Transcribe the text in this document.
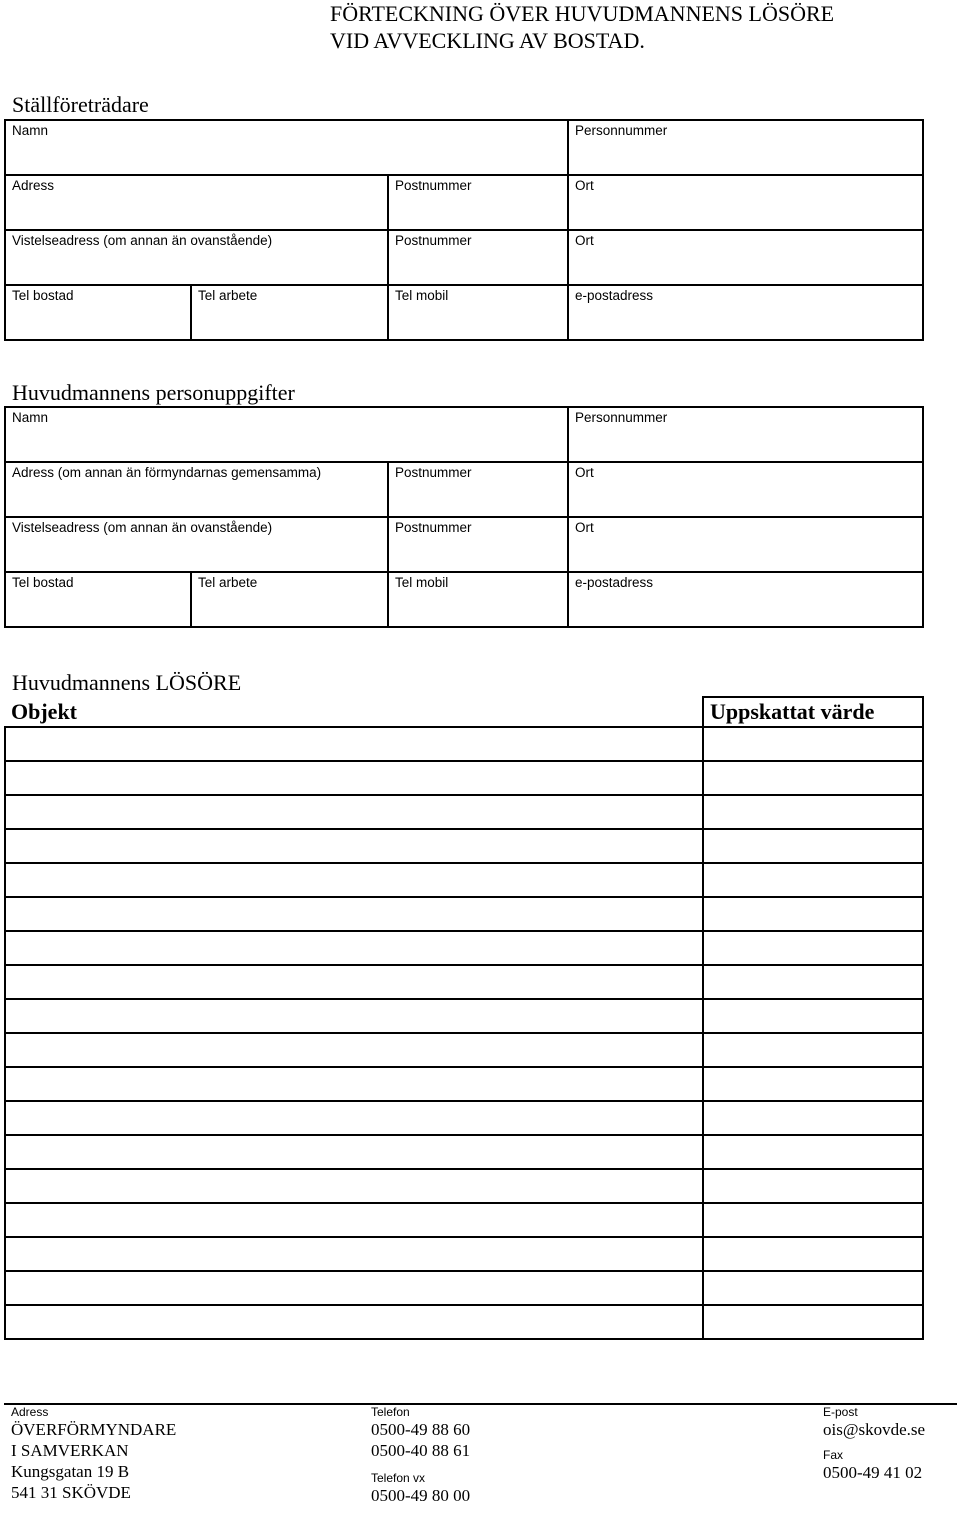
FÖRTECKNING ÖVER HUVUDMANNENS LÖSÖRE
VID AVVECKLING AV BOSTAD.
Ställföreträdare
Namn			Personnummer
Adress		Postnummer	Ort
Vistelseadress (om annan än ovanstående)		Postnummer	Ort
Tel bostad	Tel arbete	Tel mobil	e-postadress
Huvudmannens personuppgifter
Namn			Personnummer
Adress (om annan än förmyndarnas gemensamma)		Postnummer	Ort
Vistelseadress (om annan än ovanstående)		Postnummer	Ort
Tel bostad	Tel arbete	Tel mobil	e-postadress
Huvudmannens LÖSÖRE
Objekt	Uppskattat värde

Adress
ÖVERFÖRMYNDARE
I SAMVERKAN
Kungsgatan 19 B
541 31 SKÖVDE
Telefon
0500-49 88 60
0500-40 88 61
Telefon vx
0500-49 80 00
E-post
ois@skovde.se
Fax
0500-49 41 02
